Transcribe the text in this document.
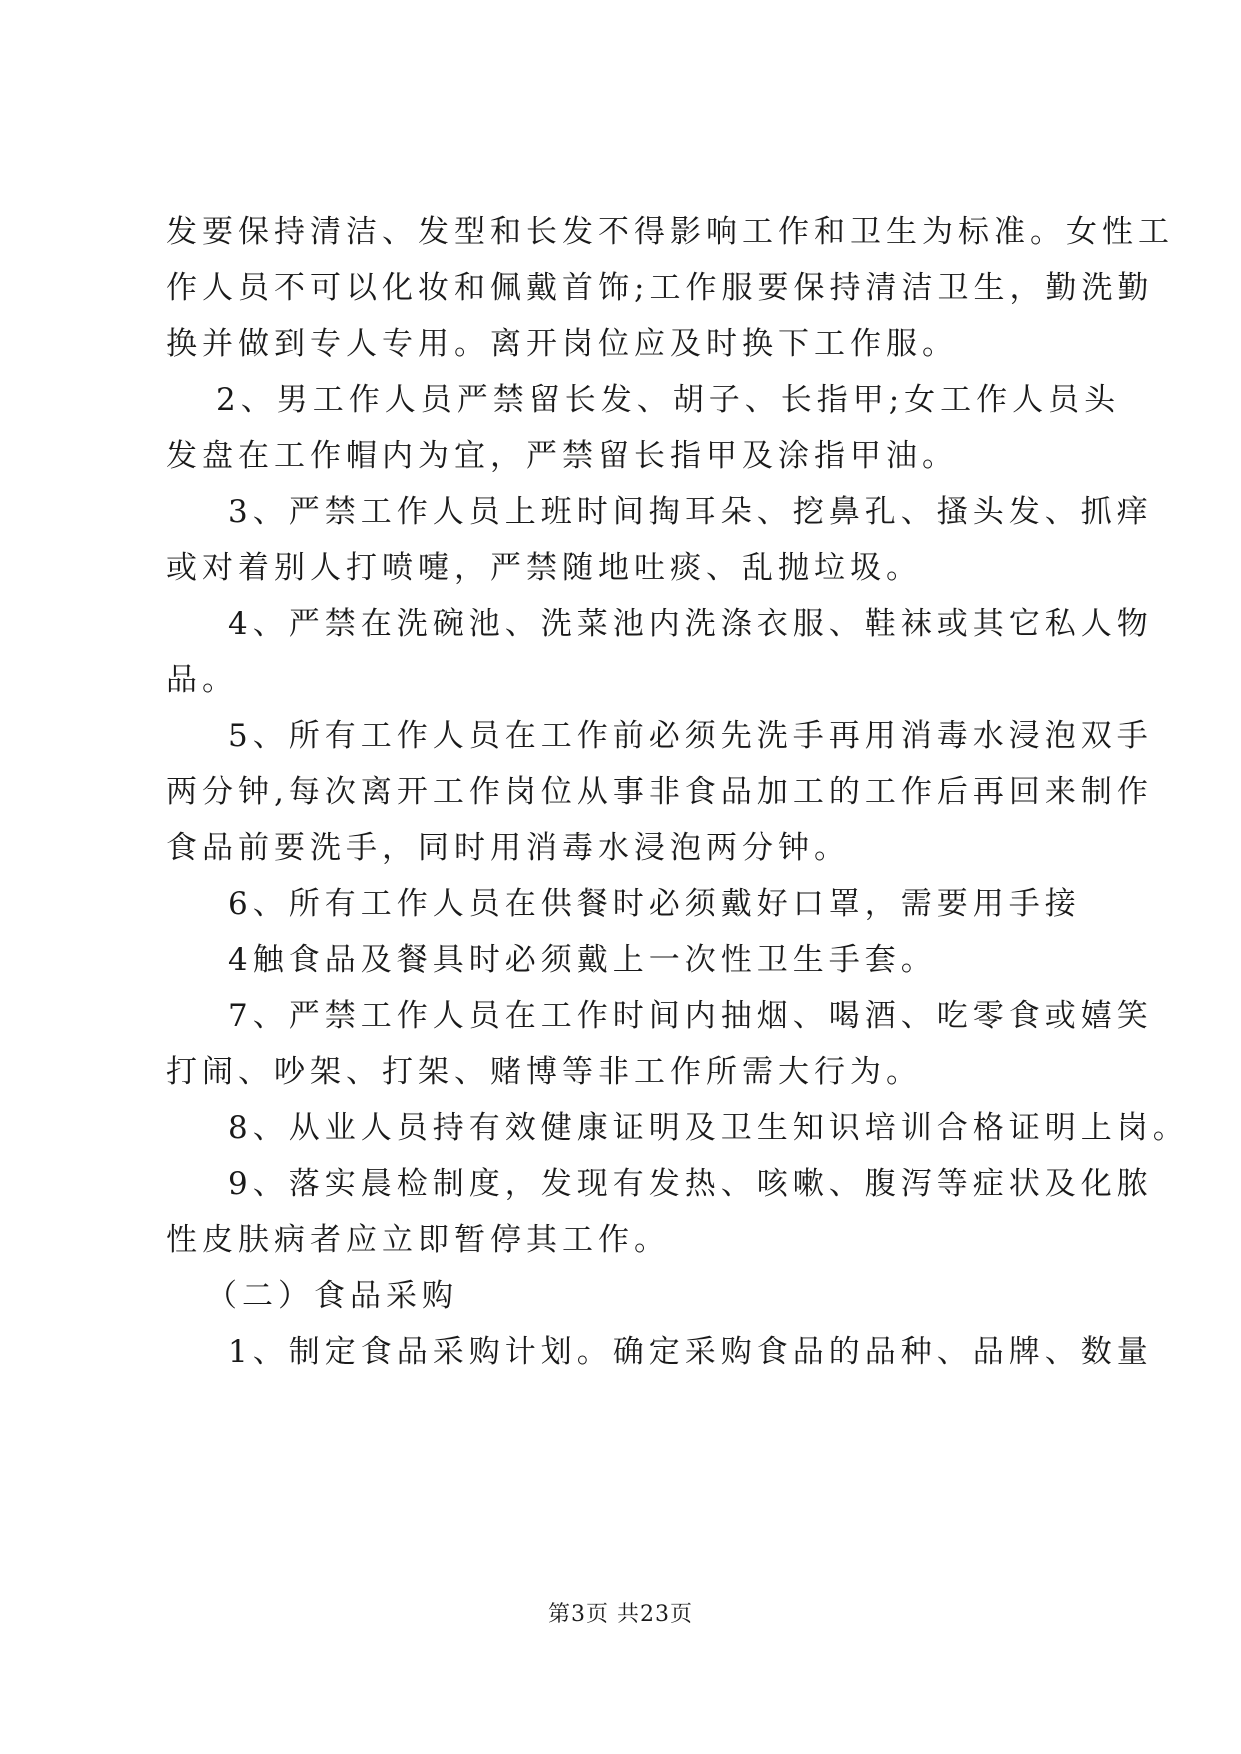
发要保持清洁、发型和长发不得影响工作和卫生为标准。女性工
作人员不可以化妆和佩戴首饰;工作服要保持清洁卫生，勤洗勤
换并做到专人专用。离开岗位应及时换下工作服。
2、男工作人员严禁留长发、胡子、长指甲;女工作人员头
发盘在工作帽内为宜，严禁留长指甲及涂指甲油。
3、严禁工作人员上班时间掏耳朵、挖鼻孔、搔头发、抓痒
或对着别人打喷嚏，严禁随地吐痰、乱抛垃圾。
4、严禁在洗碗池、洗菜池内洗涤衣服、鞋袜或其它私人物
品。
5、所有工作人员在工作前必须先洗手再用消毒水浸泡双手
两分钟,每次离开工作岗位从事非食品加工的工作后再回来制作
食品前要洗手，同时用消毒水浸泡两分钟。
6、所有工作人员在供餐时必须戴好口罩，需要用手接
4触食品及餐具时必须戴上一次性卫生手套。
7、严禁工作人员在工作时间内抽烟、喝酒、吃零食或嬉笑
打闹、吵架、打架、赌博等非工作所需大行为。
8、从业人员持有效健康证明及卫生知识培训合格证明上岗。
9、落实晨检制度，发现有发热、咳嗽、腹泻等症状及化脓
性皮肤病者应立即暂停其工作。
（二）食品采购
1、制定食品采购计划。确定采购食品的品种、品牌、数量
第3页 共23页
